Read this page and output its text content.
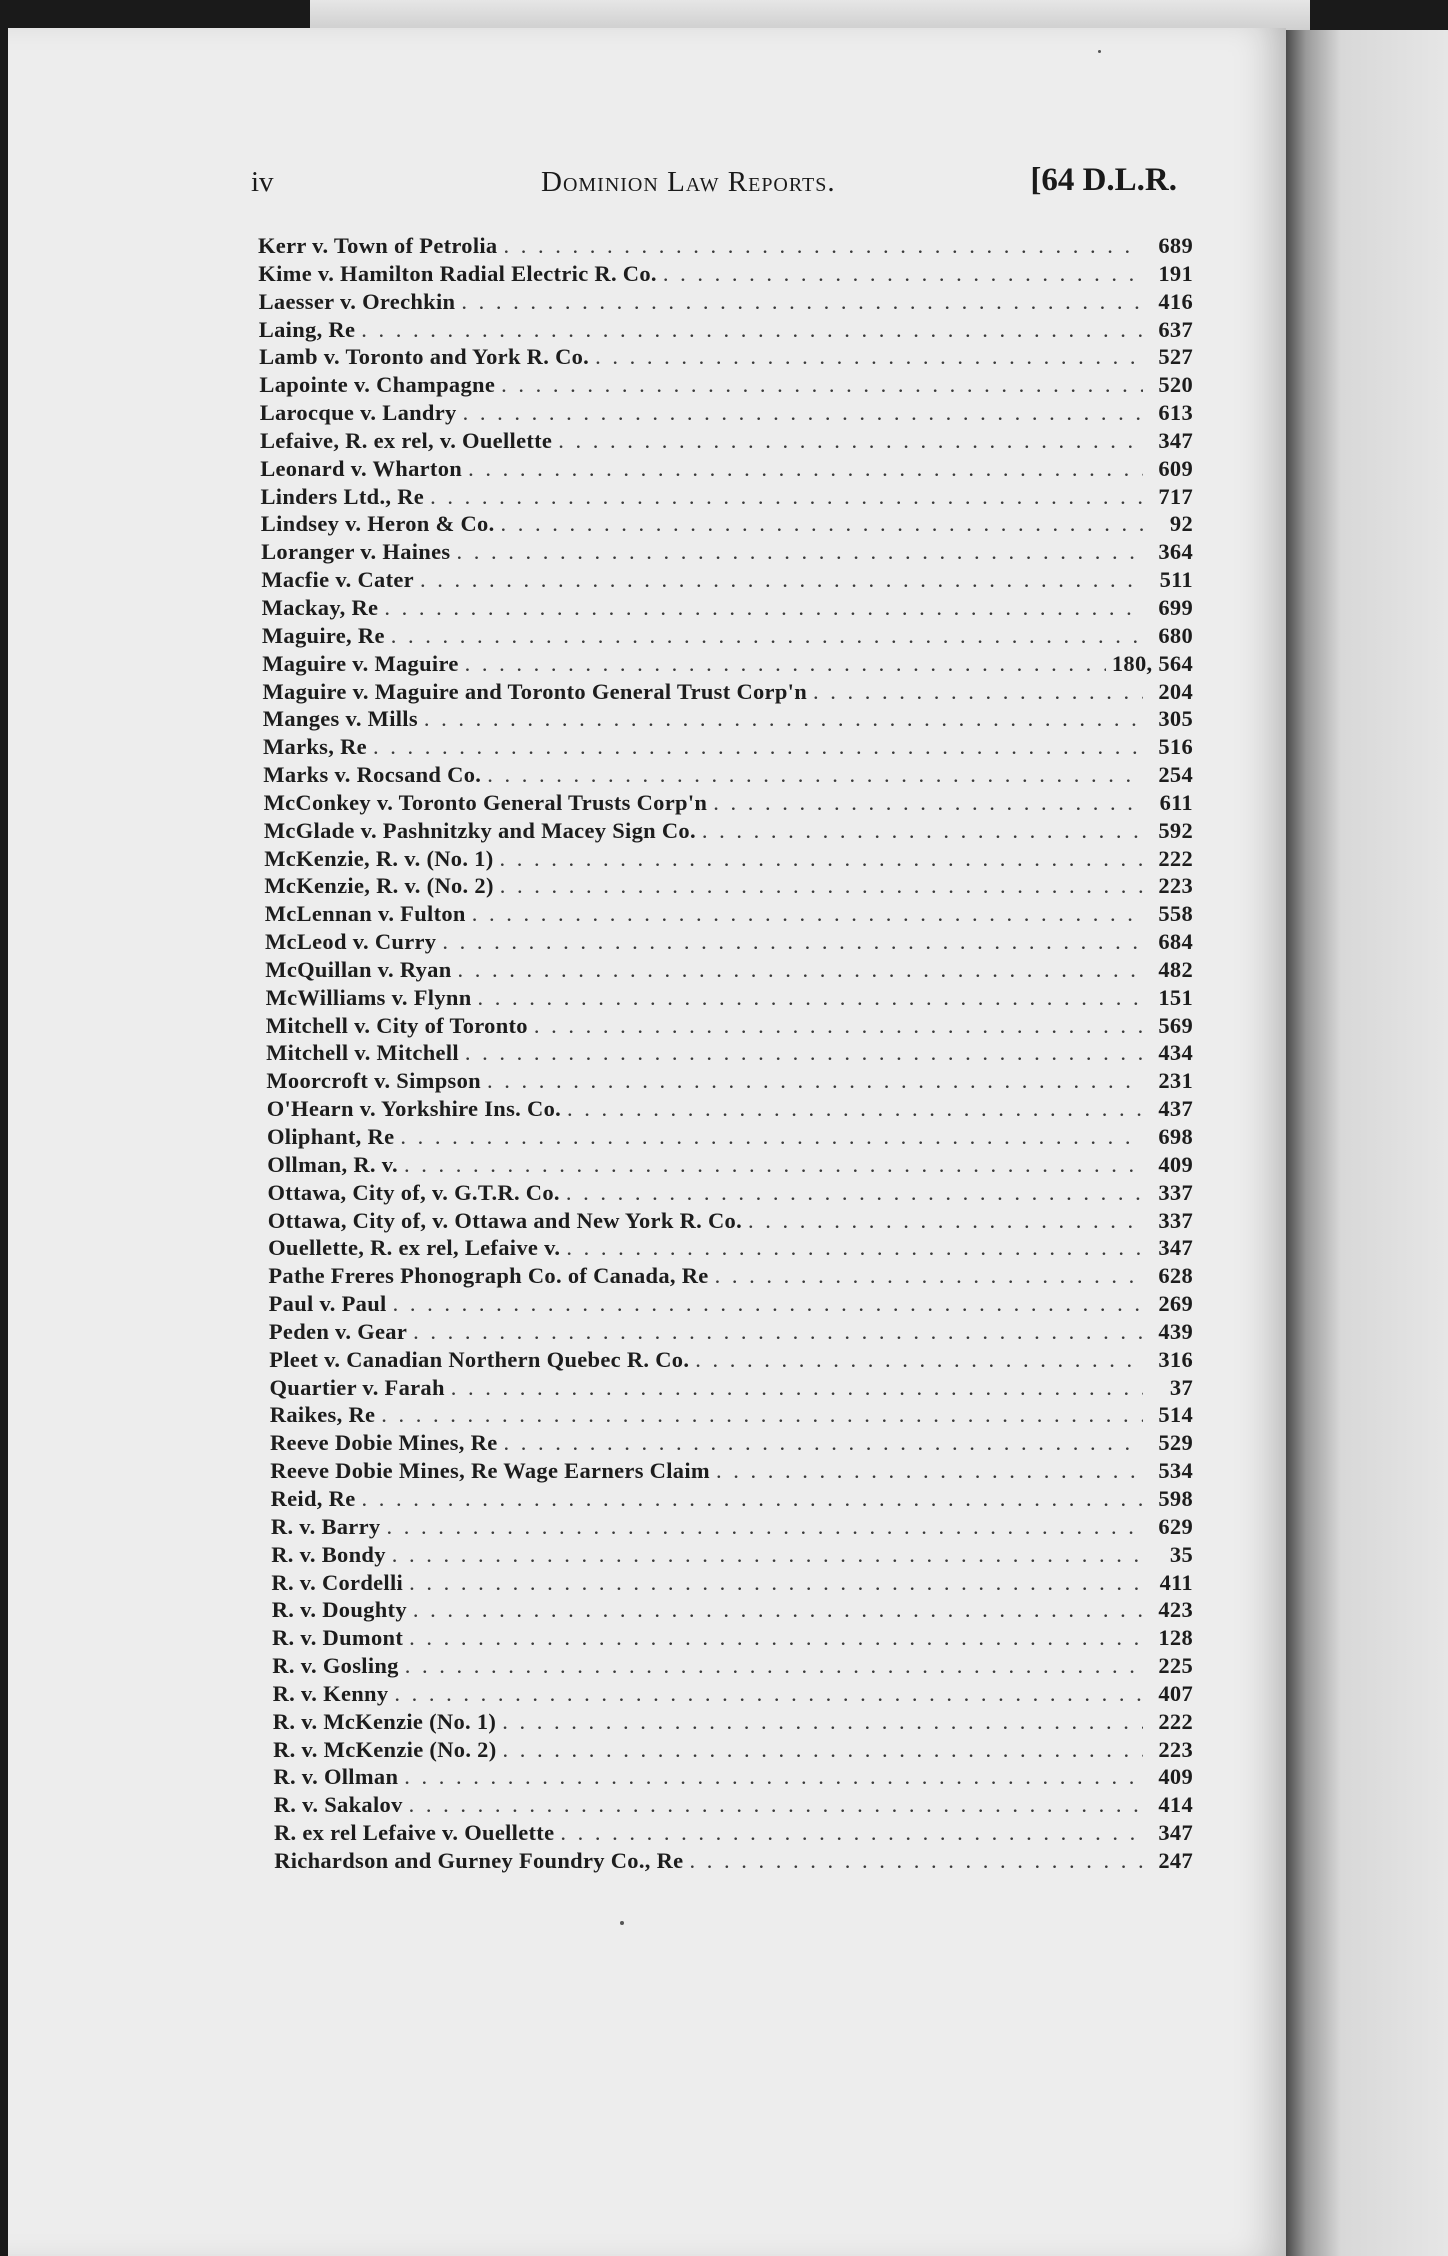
iv	Dominion Law Reports.	[64 D.L.R.
Kerr v. Town of Petrolia . . .	689
Kime v. Hamilton Radial Electric R. Co. . . .	191
Laesser v. Orechkin . . .	416
Laing, Re . . .	637
Lamb v. Toronto and York R. Co. . . .	527
Lapointe v. Champagne . . .	520
Larocque v. Landry . . .	613
Lefaive, R. ex rel, v. Ouellette . . .	347
Leonard v. Wharton . . .	609
Linders Ltd., Re . . .	717
Lindsey v. Heron & Co. . . .	92
Loranger v. Haines . . .	364
Macfie v. Cater . . .	511
Mackay, Re . . .	699
Maguire, Re . . .	680
Maguire v. Maguire . . .	180, 564
Maguire v. Maguire and Toronto General Trust Corp'n . . .	204
Manges v. Mills . . .	305
Marks, Re . . .	516
Marks v. Rocsand Co. . . .	254
McConkey v. Toronto General Trusts Corp'n . . .	611
McGlade v. Pashnitzky and Macey Sign Co. . . .	592
McKenzie, R. v. (No. 1) . . .	222
McKenzie, R. v. (No. 2) . . .	223
McLennan v. Fulton . . .	558
McLeod v. Curry . . .	684
McQuillan v. Ryan . . .	482
McWilliams v. Flynn . . .	151
Mitchell v. City of Toronto . . .	569
Mitchell v. Mitchell . . .	434
Moorcroft v. Simpson . . .	231
O'Hearn v. Yorkshire Ins. Co. . . .	437
Oliphant, Re . . .	698
Ollman, R. v. . . .	409
Ottawa, City of, v. G.T.R. Co. . . .	337
Ottawa, City of, v. Ottawa and New York R. Co. . . .	337
Ouellette, R. ex rel, Lefaive v. . . .	347
Pathe Freres Phonograph Co. of Canada, Re . . .	628
Paul v. Paul . . .	269
Peden v. Gear . . .	439
Pleet v. Canadian Northern Quebec R. Co. . . .	316
Quartier v. Farah . . .	37
Raikes, Re . . .	514
Reeve Dobie Mines, Re . . .	529
Reeve Dobie Mines, Re Wage Earners Claim . . .	534
Reid, Re . . .	598
R. v. Barry . . .	629
R. v. Bondy . . .	35
R. v. Cordelli . . .	411
R. v. Doughty . . .	423
R. v. Dumont . . .	128
R. v. Gosling . . .	225
R. v. Kenny . . .	407
R. v. McKenzie (No. 1) . . .	222
R. v. McKenzie (No. 2) . . .	223
R. v. Ollman . . .	409
R. v. Sakalov . . .	414
R. ex rel Lefaive v. Ouellette . . .	347
Richardson and Gurney Foundry Co., Re . . .	247
